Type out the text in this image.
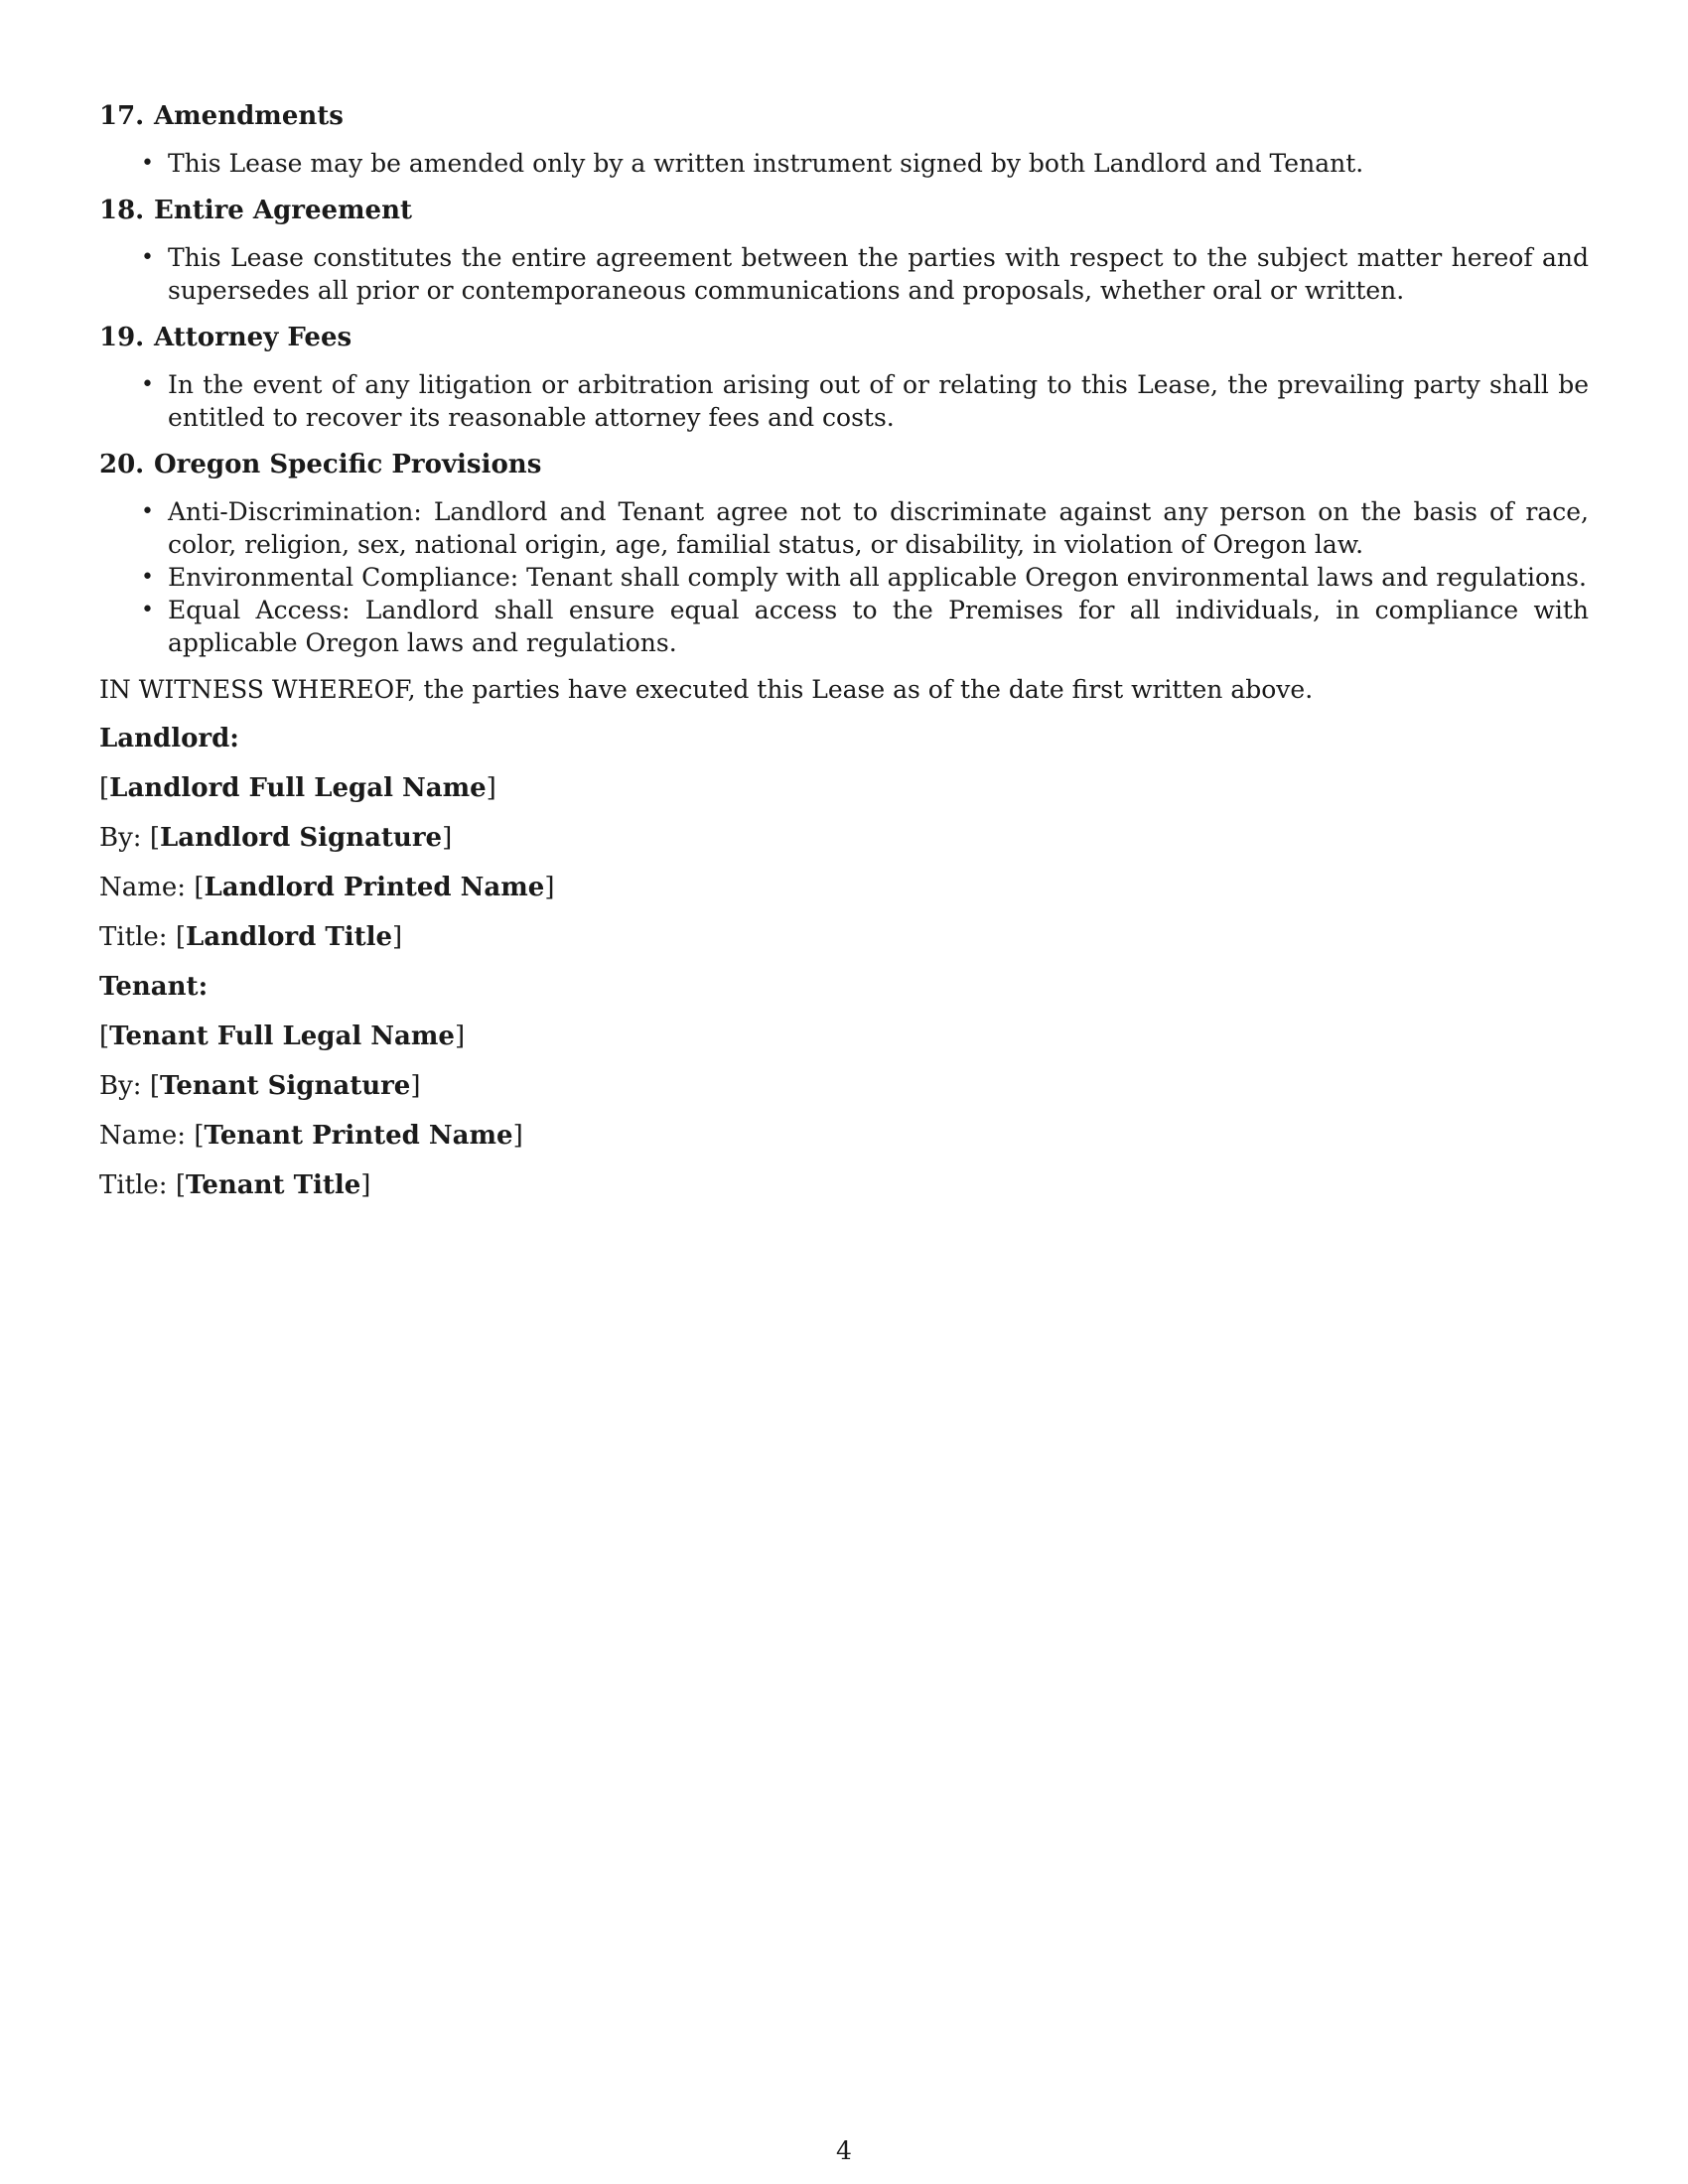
17. Amendments
• This Lease may be amended only by a written instrument signed by both Landlord and Tenant.
18. Entire Agreement
• This Lease constitutes the entire agreement between the parties with respect to the subject matter hereof and supersedes all prior or contemporaneous communications and proposals, whether oral or written.
19. Attorney Fees
• In the event of any litigation or arbitration arising out of or relating to this Lease, the prevailing party shall be entitled to recover its reasonable attorney fees and costs.
20. Oregon Specific Provisions
• Anti-Discrimination: Landlord and Tenant agree not to discriminate against any person on the basis of race, color, religion, sex, national origin, age, familial status, or disability, in violation of Oregon law.
• Environmental Compliance: Tenant shall comply with all applicable Oregon environmental laws and regulations.
• Equal Access: Landlord shall ensure equal access to the Premises for all individuals, in compliance with applicable Oregon laws and regulations.
IN WITNESS WHEREOF, the parties have executed this Lease as of the date first written above.
Landlord:
[Landlord Full Legal Name]
By: [Landlord Signature]
Name: [Landlord Printed Name]
Title: [Landlord Title]
Tenant:
[Tenant Full Legal Name]
By: [Tenant Signature]
Name: [Tenant Printed Name]
Title: [Tenant Title]
4
